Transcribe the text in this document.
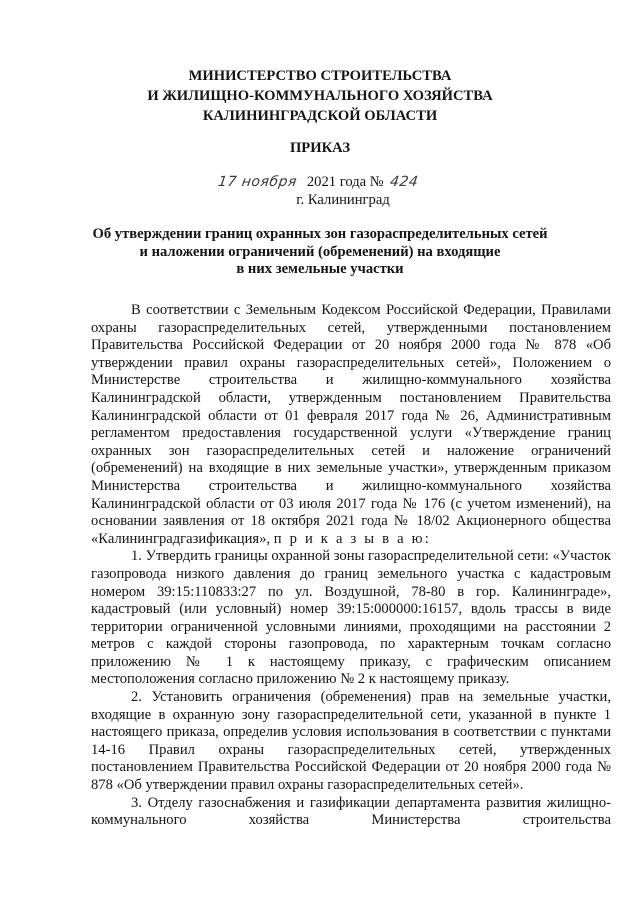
МИНИСТЕРСТВО СТРОИТЕЛЬСТВА
И ЖИЛИЩНО-КОММУНАЛЬНОГО ХОЗЯЙСТВА
КАЛИНИНГРАДСКОЙ ОБЛАСТИ
ПРИКАЗ
17 ноября 2021 года № 424
г. Калининград
Об утверждении границ охранных зон газораспределительных сетей
и наложении ограничений (обременений) на входящие
в них земельные участки

В соответствии с Земельным Кодексом Российской Федерации, Правилами охраны газораспределительных сетей, утвержденными постановлением Правительства Российской Федерации от 20 ноября 2000 года № 878 «Об утверждении правил охраны газораспределительных сетей», Положением о Министерстве строительства и жилищно-коммунального хозяйства Калининградской области, утвержденным постановлением Правительства Калининградской области от 01 февраля 2017 года № 26, Административным регламентом предоставления государственной услуги «Утверждение границ охранных зон газораспределительных сетей и наложение ограничений (обременений) на входящие в них земельные участки», утвержденным приказом Министерства строительства и жилищно-коммунального хозяйства Калининградской области от 03 июля 2017 года № 176 (с учетом изменений), на основании заявления от 18 октября 2021 года № 18/02 Акционерного общества «Калининградгазификация», п р и к а з ы в а ю:

1. Утвердить границы охранной зоны газораспределительной сети: «Участок газопровода низкого давления до границ земельного участка с кадастровым номером 39:15:110833:27 по ул. Воздушной, 78-80 в гор. Калининграде», кадастровый (или условный) номер 39:15:000000:16157, вдоль трассы в виде территории ограниченной условными линиями, проходящими на расстоянии 2 метров с каждой стороны газопровода, по характерным точкам согласно приложению № 1 к настоящему приказу, с графическим описанием местоположения согласно приложению № 2 к настоящему приказу.

2. Установить ограничения (обременения) прав на земельные участки, входящие в охранную зону газораспределительной сети, указанной в пункте 1 настоящего приказа, определив условия использования в соответствии с пунктами 14-16 Правил охраны газораспределительных сетей, утвержденных постановлением Правительства Российской Федерации от 20 ноября 2000 года № 878 «Об утверждении правил охраны газораспределительных сетей».

3. Отделу газоснабжения и газификации департамента развития жилищно-коммунального хозяйства Министерства строительства
